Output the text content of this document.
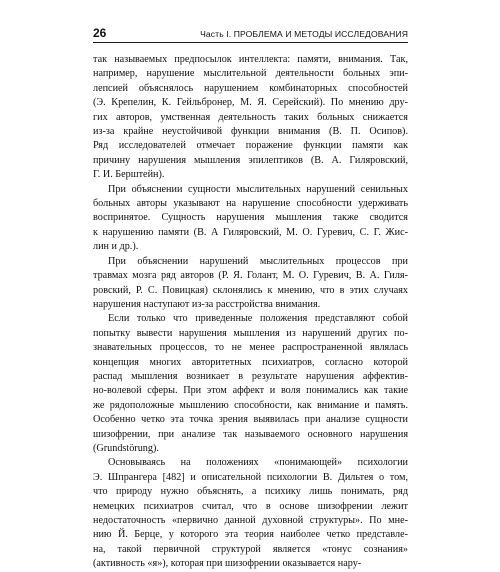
26	Часть I. ПРОБЛЕМА И МЕТОДЫ ИССЛЕДОВАНИЯ

так называемых предпосылок интеллекта: памяти, внимания. Так,
например, нарушение мыслительной деятельности больных эпи-
лепсией объяснялось нарушением комбинаторных способностей
(Э. Крепелин, К. Гейльбронер, М. Я. Серейский). По мнению дру-
гих авторов, умственная деятельность таких больных снижается
из-за крайне неустойчивой функции внимания (В. П. Осипов).
Ряд исследователей отмечает поражение функции памяти как
причину нарушения мышления эпилептиков (В. А. Гиляровский,
Г. И. Берштейн).

При объяснении сущности мыслительных нарушений сенильных
больных авторы указывают на нарушение способности удерживать
воспринятое. Сущность нарушения мышления также сводится
к нарушению памяти (В. А Гиляровский, М. О. Гуревич, С. Г. Жис-
лин и др.).

При объяснении нарушений мыслительных процессов при
травмах мозга ряд авторов (Р. Я. Голант, М. О. Гуревич, В. А. Гиля-
ровский, Р. С. Повицкая) склонялись к мнению, что в этих случаях
нарушения наступают из-за расстройства внимания.

Если только что приведенные положения представляют собой
попытку вывести нарушения мышления из нарушений других по-
знавательных процессов, то не менее распространенной являлась
концепция многих авторитетных психиатров, согласно которой
распад мышления возникает в результате нарушения аффектив-
но-волевой сферы. При этом аффект и воля понимались как такие
же рядоположные мышлению способности, как внимание и память.
Особенно четко эта точка зрения выявилась при анализе сущности
шизофрении, при анализе так называемого основного нарушения
(Grundstörung).

Основываясь на положениях «понимающей» психологии
Э. Шпрангера [482] и описательной психологии В. Дильтея о том,
что природу нужно объяснять, а психику лишь понимать, ряд
немецких психиатров считал, что в основе шизофрении лежит
недостаточность «первично данной духовной структуры». По мне-
нию Й. Берце, у которого эта теория наиболее четко представле-
на, такой первичной структурой является «тонус сознания»
(активность «я»), которая при шизофрении оказывается нару-
